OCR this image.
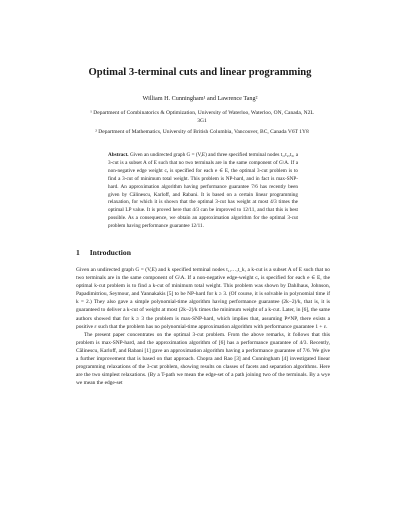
Optimal 3-terminal cuts and linear programming
William H. Cunningham¹ and Lawrence Tang²
¹ Department of Combinatorics & Optimization, University of Waterloo, Waterloo, ON, Canada, N2L 3G1
² Department of Mathematics, University of British Columbia, Vancouver, BC, Canada V6T 1Y8
Abstract. Given an undirected graph G = (V,E) and three specified terminal nodes t₁,t₂,t₃, a 3-cut is a subset A of E such that no two terminals are in the same component of G\A. If a non-negative edge weight cₑ is specified for each e ∈ E, the optimal 3-cut problem is to find a 3-cut of minimum total weight. This problem is NP-hard, and in fact is max-SNP-hard. An approximation algorithm having performance guarantee 7/6 has recently been given by Călinescu, Karloff, and Rabani. It is based on a certain linear programming relaxation, for which it is shown that the optimal 3-cut has weight at most 4/3 times the optimal LP value. It is proved here that 4/3 can be improved to 12/11, and that this is best possible. As a consequence, we obtain an approximation algorithm for the optimal 3-cut problem having performance guarantee 12/11.
1 Introduction

Given an undirected graph G = (V,E) and k specified terminal nodes t₁,…,t_k, a k-cut is a subset A of E such that no two terminals are in the same component of G\A. If a non-negative edge-weight cₑ is specified for each e ∈ E, the optimal k-cut problem is to find a k-cut of minimum total weight. This problem was shown by Dahlhaus, Johnson, Papadimitriou, Seymour, and Yannakakis [5] to be NP-hard for k ≥ 3. (Of course, it is solvable in polynomial time if k = 2.) They also gave a simple polynomial-time algorithm having performance guarantee (2k−2)/k, that is, it is guaranteed to deliver a k-cut of weight at most (2k−2)/k times the minimum weight of a k-cut. Later, in [6], the same authors showed that for k ≥ 3 the problem is max-SNP-hard, which implies that, assuming P≠NP, there exists a positive ε such that the problem has no polynomial-time approximation algorithm with performance guarantee 1 + ε.

The present paper concentrates on the optimal 3-cut problem. From the above remarks, it follows that this problem is max-SNP-hard, and the approximation algorithm of [6] has a performance guarantee of 4/3. Recently, Călinescu, Karloff, and Rabani [1] gave an approximation algorithm having a performance guarantee of 7/6. We give a further improvement that is based on that approach. Chopra and Rao [3] and Cunningham [4] investigated linear programming relaxations of the 3-cut problem, showing results on classes of facets and separation algorithms. Here are the two simplest relaxations. (By a T-path we mean the edge-set of a path joining two of the terminals. By a wye we mean the edge-set
